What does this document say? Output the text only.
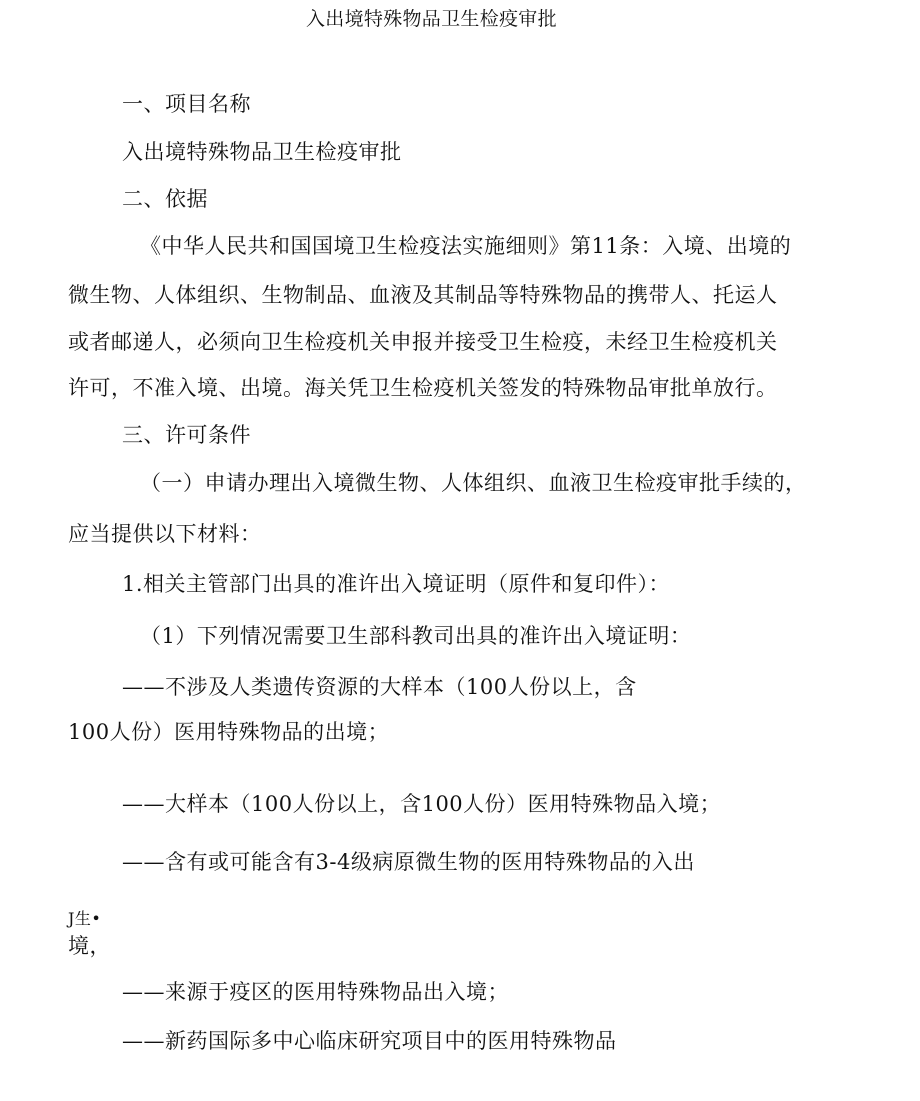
入出境特殊物品卫生检疫审批
一、项目名称
入出境特殊物品卫生检疫审批
二、依据
《中华人民共和国国境卫生检疫法实施细则》第11条：入境、出境的
微生物、人体组织、生物制品、血液及其制品等特殊物品的携带人、托运人
或者邮递人，必须向卫生检疫机关申报并接受卫生检疫，未经卫生检疫机关
许可，不准入境、出境。海关凭卫生检疫机关签发的特殊物品审批单放行。
三、许可条件
（一）申请办理出入境微生物、人体组织、血液卫生检疫审批手续的，
应当提供以下材料：
1.相关主管部门出具的准许出入境证明（原件和复印件）：
（1）下列情况需要卫生部科教司出具的准许出入境证明：
——不涉及人类遗传资源的大样本（100人份以上，含
100人份）医用特殊物品的出境；
——大样本（100人份以上，含100人份）医用特殊物品入境；
——含有或可能含有3-4级病原微生物的医用特殊物品的入出
J生•
境，
——来源于疫区的医用特殊物品出入境；
——新药国际多中心临床研究项目中的医用特殊物品
